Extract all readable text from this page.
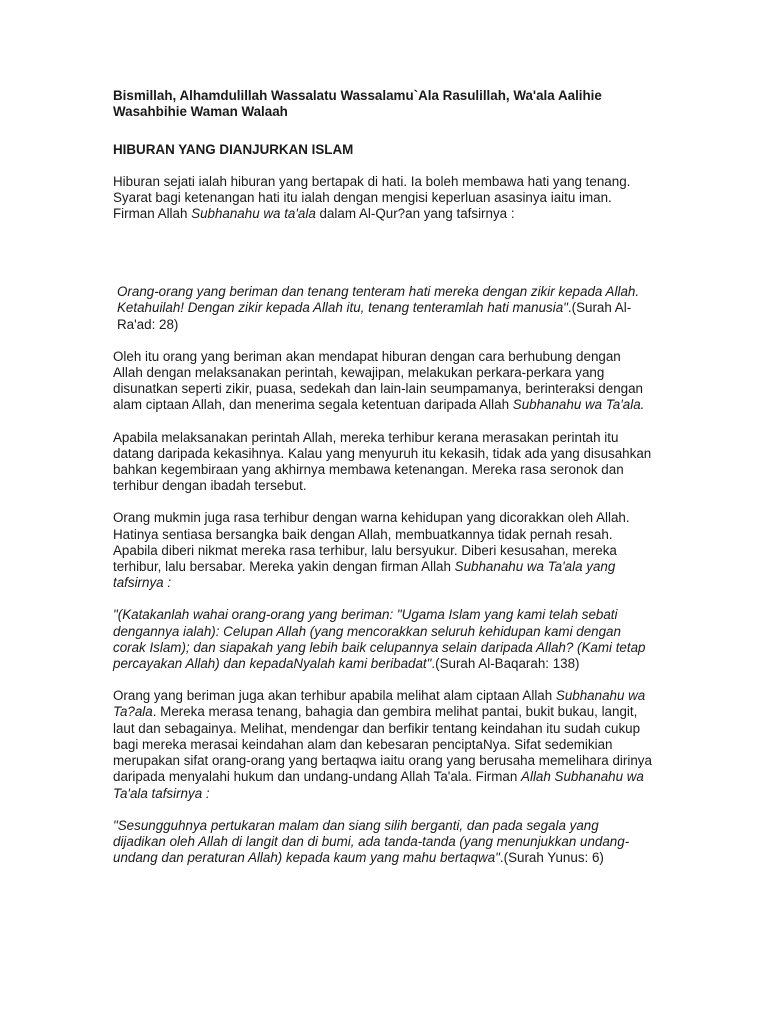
Bismillah, Alhamdulillah Wassalatu Wassalamu`Ala Rasulillah, Wa'ala Aalihie Wasahbihie Waman Walaah

HIBURAN YANG DIANJURKAN ISLAM

Hiburan sejati ialah hiburan yang bertapak di hati. Ia boleh membawa hati yang tenang. Syarat bagi ketenangan hati itu ialah dengan mengisi keperluan asasinya iaitu iman. Firman Allah Subhanahu wa ta'ala dalam Al-Qur?an yang tafsirnya :

Orang-orang yang beriman dan tenang tenteram hati mereka dengan zikir kepada Allah. Ketahuilah! Dengan zikir kepada Allah itu, tenang tenteramlah hati manusia".(Surah Al-Ra'ad: 28)

Oleh itu orang yang beriman akan mendapat hiburan dengan cara berhubung dengan Allah dengan melaksanakan perintah, kewajipan, melakukan perkara-perkara yang disunatkan seperti zikir, puasa, sedekah dan lain-lain seumpamanya, berinteraksi dengan alam ciptaan Allah, dan menerima segala ketentuan daripada Allah Subhanahu wa Ta'ala.

Apabila melaksanakan perintah Allah, mereka terhibur kerana merasakan perintah itu datang daripada kekasihnya. Kalau yang menyuruh itu kekasih, tidak ada yang disusahkan bahkan kegembiraan yang akhirnya membawa ketenangan. Mereka rasa seronok dan terhibur dengan ibadah tersebut.

Orang mukmin juga rasa terhibur dengan warna kehidupan yang dicorakkan oleh Allah. Hatinya sentiasa bersangka baik dengan Allah, membuatkannya tidak pernah resah. Apabila diberi nikmat mereka rasa terhibur, lalu bersyukur. Diberi kesusahan, mereka terhibur, lalu bersabar. Mereka yakin dengan firman Allah Subhanahu wa Ta'ala yang tafsirnya :

"(Katakanlah wahai orang-orang yang beriman: "Ugama Islam yang kami telah sebati dengannya ialah): Celupan Allah (yang mencorakkan seluruh kehidupan kami dengan corak Islam); dan siapakah yang lebih baik celupannya selain daripada Allah? (Kami tetap percayakan Allah) dan kepadaNyalah kami beribadat".(Surah Al-Baqarah: 138)

Orang yang beriman juga akan terhibur apabila melihat alam ciptaan Allah Subhanahu wa Ta?ala. Mereka merasa tenang, bahagia dan gembira melihat pantai, bukit bukau, langit, laut dan sebagainya. Melihat, mendengar dan berfikir tentang keindahan itu sudah cukup bagi mereka merasai keindahan alam dan kebesaran penciptaNya. Sifat sedemikian merupakan sifat orang-orang yang bertaqwa iaitu orang yang berusaha memelihara dirinya daripada menyalahi hukum dan undang-undang Allah Ta'ala. Firman Allah Subhanahu wa Ta'ala tafsirnya :

"Sesungguhnya pertukaran malam dan siang silih berganti, dan pada segala yang dijadikan oleh Allah di langit dan di bumi, ada tanda-tanda (yang menunjukkan undang-undang dan peraturan Allah) kepada kaum yang mahu bertaqwa".(Surah Yunus: 6)
